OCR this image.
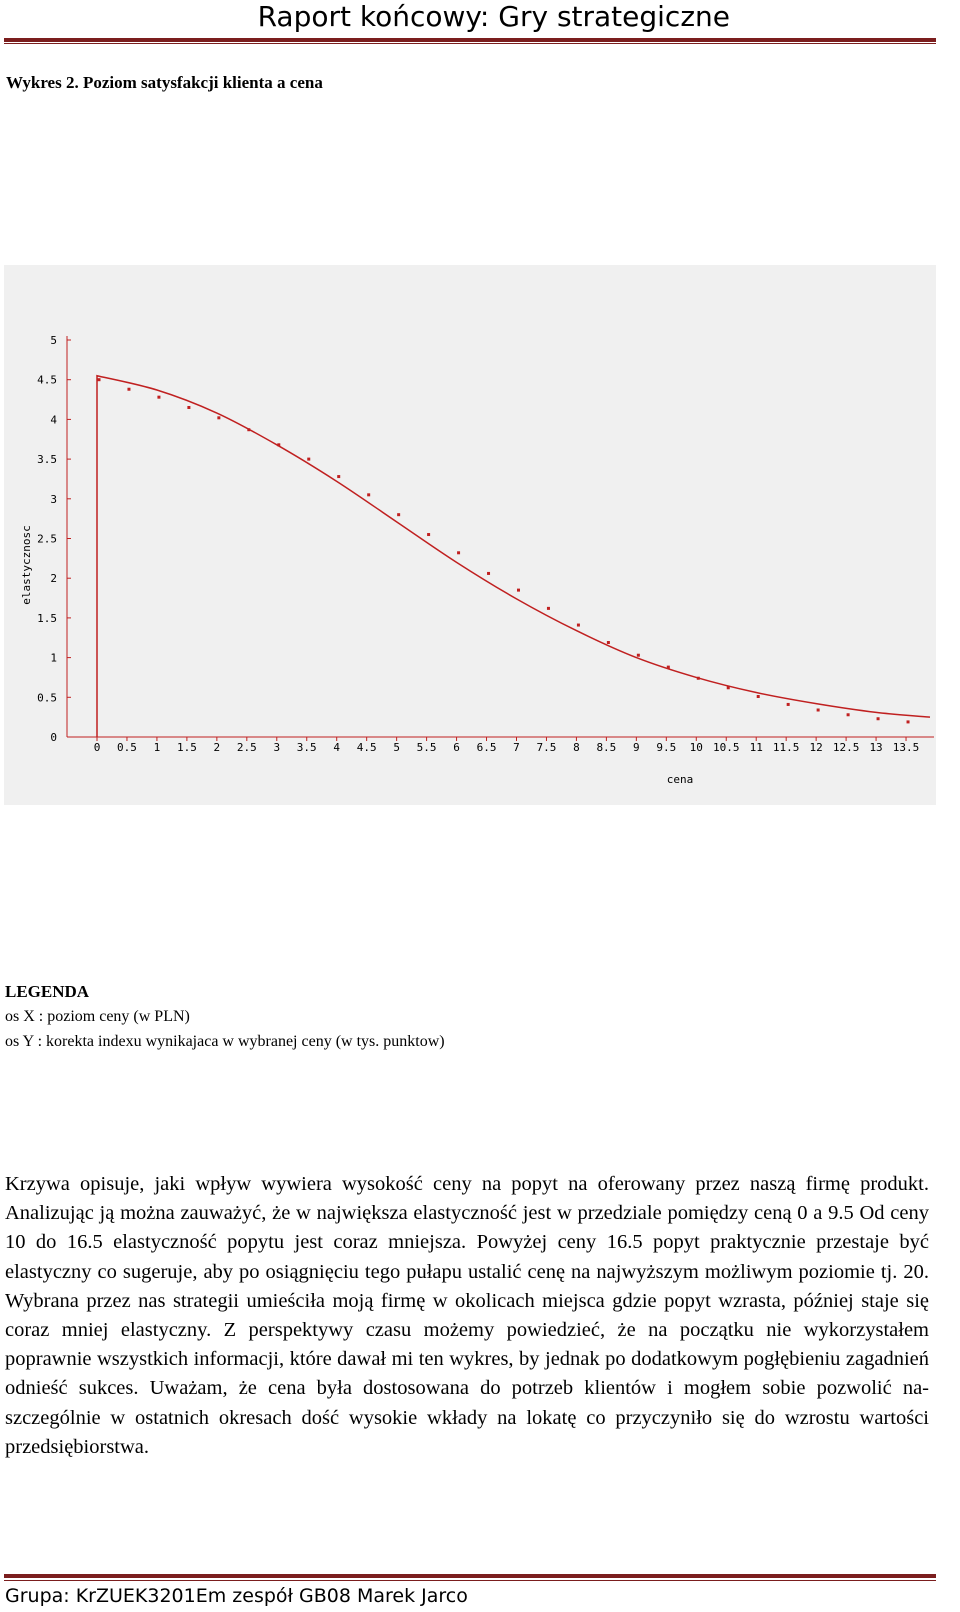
Raport końcowy: Gry strategiczne
Wykres 2. Poziom satysfakcji klienta a cena
0
0.5
1
1.5
2
2.5
3
3.5
4
4.5
5
0 0.5 1 1.5 2 2.5 3 3.5 4 4.5 5 5.5 6 6.5 7 7.5 8 8.5 9 9.5 10 10.5 11 11.5 12 12.5 13 13.5
elastycznosc
cena
LEGENDA
os X : poziom ceny (w PLN)
os Y : korekta indexu wynikajaca w wybranej ceny (w tys. punktow)
Krzywa opisuje, jaki wpływ wywiera wysokość ceny na popyt na oferowany przez naszą firmę produkt. Analizując ją można zauważyć, że w największa elastyczność jest w przedziale pomiędzy ceną 0 a 9.5 Od ceny 10 do 16.5 elastyczność popytu jest coraz mniejsza. Powyżej ceny 16.5 popyt praktycznie przestaje być elastyczny co sugeruje, aby po osiągnięciu tego pułapu ustalić cenę na najwyższym możliwym poziomie tj. 20. Wybrana przez nas strategii umieściła moją firmę w okolicach miejsca gdzie popyt wzrasta, później staje się coraz mniej elastyczny. Z perspektywy czasu możemy powiedzieć, że na początku nie wykorzystałem poprawnie wszystkich informacji, które dawał mi ten wykres, by jednak po dodatkowym pogłębieniu zagadnień odnieść sukces. Uważam, że cena była dostosowana do potrzeb klientów i mogłem sobie pozwolić na- szczególnie w ostatnich okresach dość wysokie wkłady na lokatę co przyczyniło się do wzrostu wartości przedsiębiorstwa.
Grupa: KrZUEK3201Em zespół GB08 Marek Jarco
